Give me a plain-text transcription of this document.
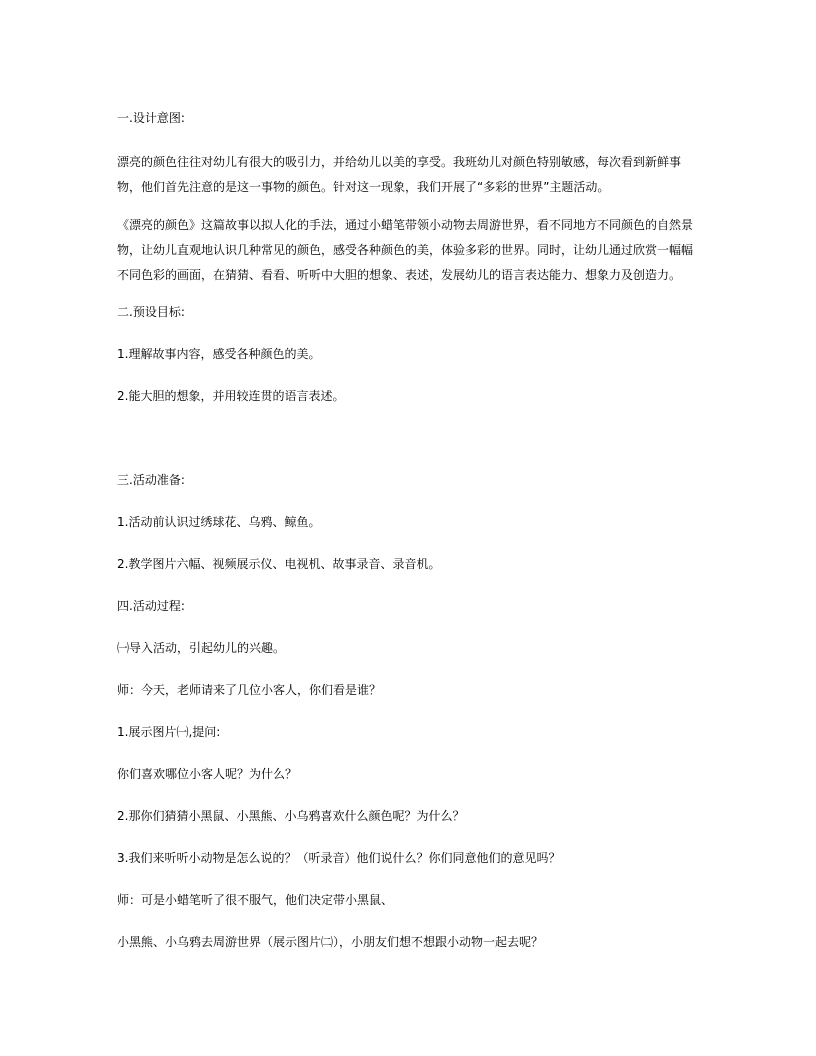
一.设计意图:

漂亮的颜色往往对幼儿有很大的吸引力，并给幼儿以美的享受。我班幼儿对颜色特别敏感，每次看到新鲜事
物，他们首先注意的是这一事物的颜色。针对这一现象，我们开展了“多彩的世界”主题活动。
《漂亮的颜色》这篇故事以拟人化的手法，通过小蜡笔带领小动物去周游世界，看不同地方不同颜色的自然景
物，让幼儿直观地认识几种常见的颜色，感受各种颜色的美，体验多彩的世界。同时，让幼儿通过欣赏一幅幅
不同色彩的画面，在猜猜、看看、听听中大胆的想象、表述，发展幼儿的语言表达能力、想象力及创造力。

二.预设目标:

1.理解故事内容，感受各种颜色的美。

2.能大胆的想象，并用较连贯的语言表述。

三.活动准备:

1.活动前认识过绣球花、乌鸦、鲸鱼。

2.教学图片六幅、视频展示仪、电视机、故事录音、录音机。

四.活动过程:

㈠导入活动，引起幼儿的兴趣。

师：今天，老师请来了几位小客人，你们看是谁？

1.展示图片㈠,提问:

你们喜欢哪位小客人呢？为什么？

2.那你们猜猜小黑鼠、小黑熊、小乌鸦喜欢什么颜色呢？为什么？

3.我们来听听小动物是怎么说的？（听录音）他们说什么？你们同意他们的意见吗？

师：可是小蜡笔听了很不服气，他们决定带小黑鼠、

小黑熊、小乌鸦去周游世界（展示图片㈡），小朋友们想不想跟小动物一起去呢？
